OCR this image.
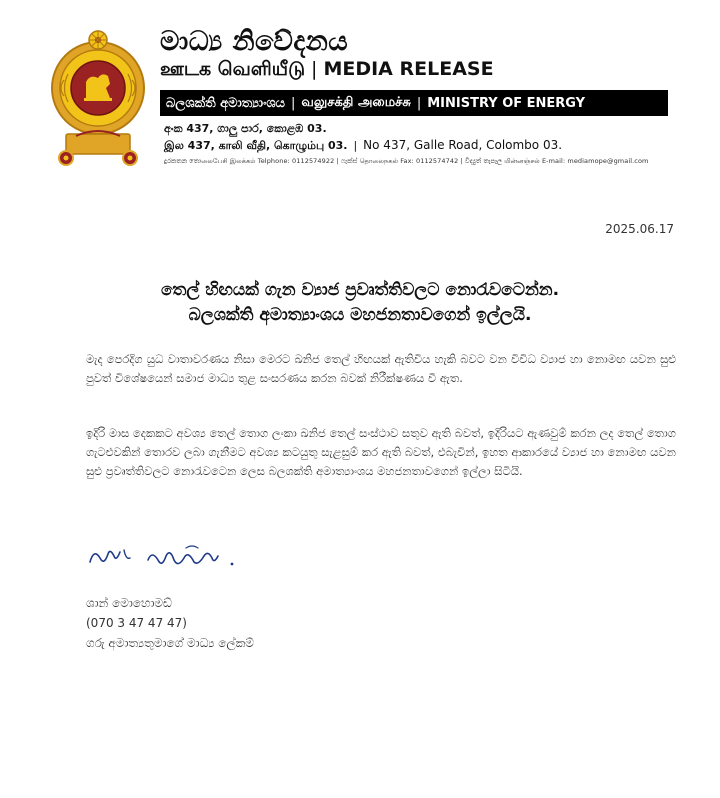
මාධ්‍ය නිවේදනය
ஊடக வெளியீடு | MEDIA RELEASE
බලශක්ති අමාත්‍යාංශය | வலுசக்தி அமைச்சு | MINISTRY OF ENERGY
අංක 437, ගාලු පාර, කොළඹ 03.
இல 437, காலி வீதி, கொழும்பு 03. | No 437, Galle Road, Colombo 03.
දුරකතන තොலைபேசி இலக்கம் Telphone: 0112574922 | ෆැක්ස් தொலைநகல் Fax: 0112574742 | විද්‍යුත් තැපෑල மின்னஞ்சல் E-mail: mediamope@gmail.com
2025.06.17
තෙල් හිඟයක් ගැන ව්‍යාජ ප්‍රවෘත්තිවලට නොරැවටෙන්න.
බලශක්ති අමාත්‍යාංශය මහජනතාවගෙන් ඉල්ලයි.

මැද පෙරදිග යුධ වාතාවරණය නිසා මෙරට ඛනිජ තෙල් හිඟයක් ඇතිවිය හැකි බවට වන විවිධ ව්‍යාජ හා නොමඟ යවන සුළු පුවත් විශේෂයෙන් සමාජ මාධ්‍ය තුළ සංසරණය කරන බවක් නිරීක්ෂණය වී ඇත.

ඉදිරි මාස දෙකකට අවශ්‍ය තෙල් තොග ලංකා ඛනිජ තෙල් සංස්ථාව සතුව ඇති බවත්, ඉදිරියට ඇණවුම් කරන ලද තෙල් තොග ගැටළුවකින් තොරව ලබා ගැනීමට අවශ්‍ය කටයුතු සැළසුම් කර ඇති බවත්, එබැවින්, ඉහත ආකාරයේ ව්‍යාජ හා නොමඟ යවන සුළු ප්‍රවෘත්තිවලට නොරැවටෙන ලෙස බලශක්ති අමාත්‍යාංශය මහජනතාවගෙන් ඉල්ලා සිටියි.

ශාන් මොහොමඩ්
(070 3 47 47 47)
ගරු අමාත්‍යතුමාගේ මාධ්‍ය ලේකම්
